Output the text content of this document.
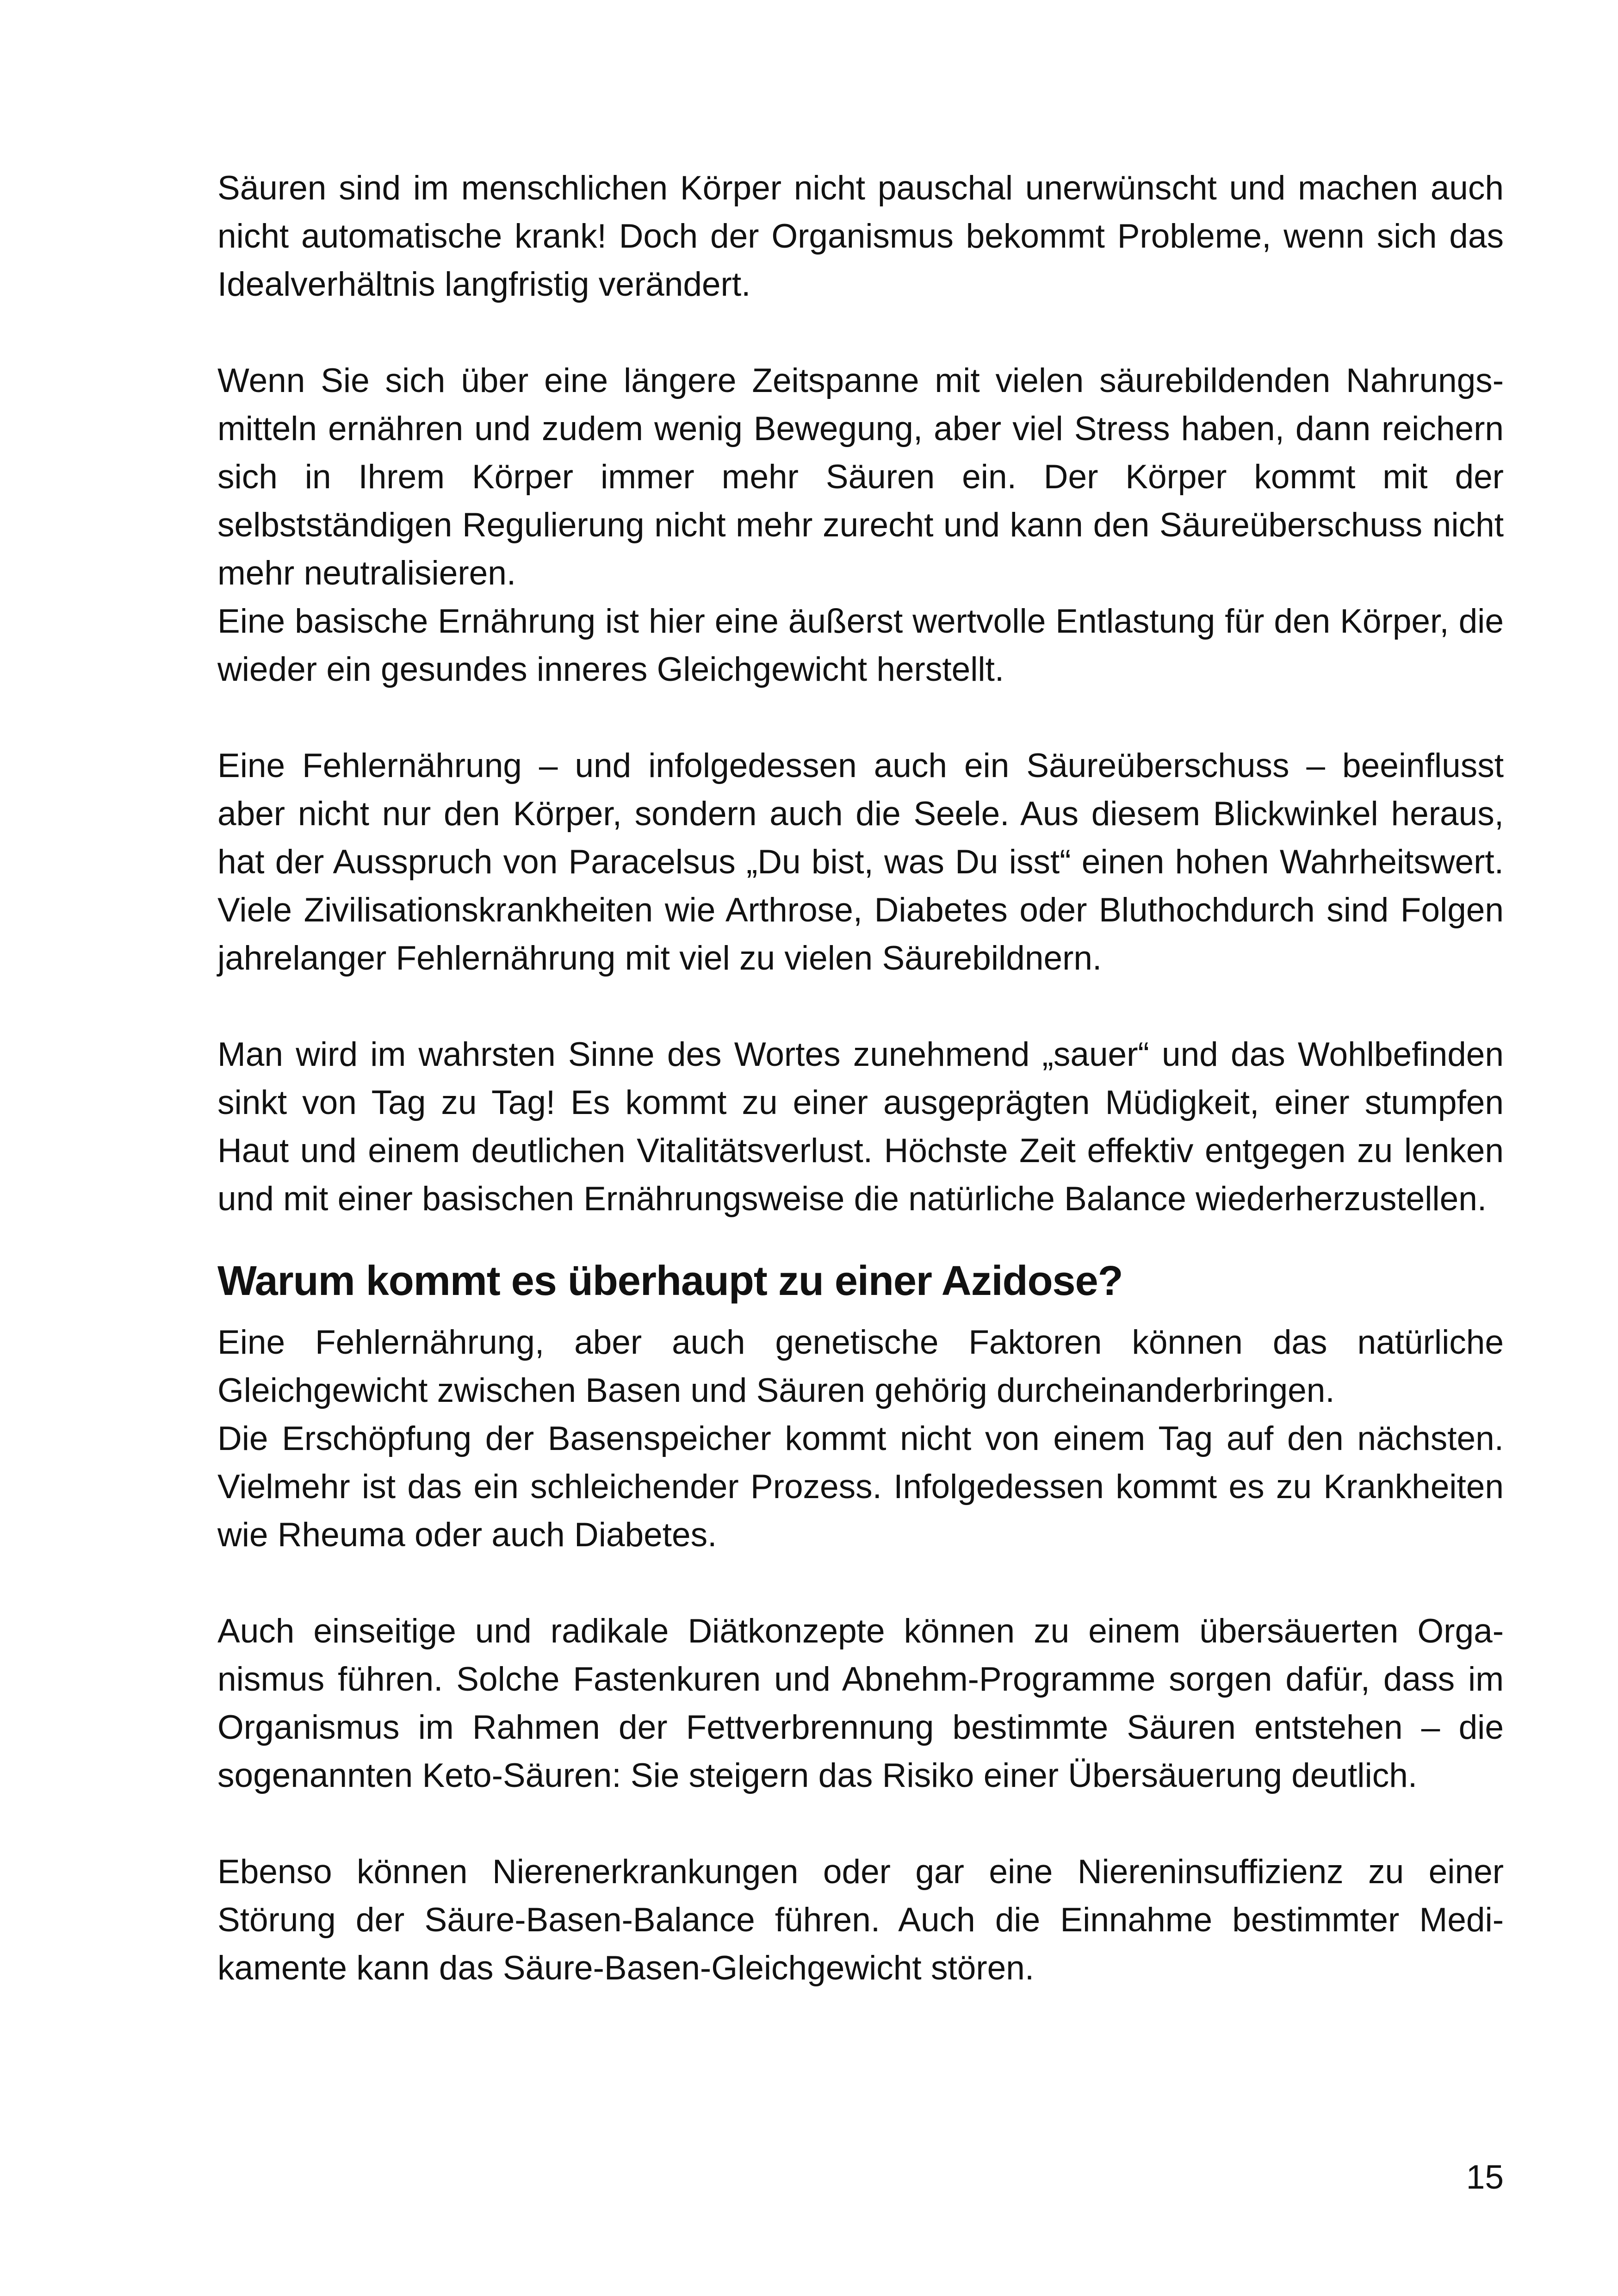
Säuren sind im menschlichen Körper nicht pauschal unerwünscht und machen auch nicht automatische krank! Doch der Organismus bekommt Probleme, wenn sich das Idealverhältnis langfristig verändert.

Wenn Sie sich über eine längere Zeitspanne mit vielen säurebildenden Nahrungsmitteln ernähren und zudem wenig Bewegung, aber viel Stress haben, dann reichern sich in Ihrem Körper immer mehr Säuren ein. Der Körper kommt mit der selbstständigen Regulierung nicht mehr zurecht und kann den Säureüberschuss nicht mehr neutralisieren.

Eine basische Ernährung ist hier eine äußerst wertvolle Entlastung für den Körper, die wieder ein gesundes inneres Gleichgewicht herstellt.

Eine Fehlernährung – und infolgedessen auch ein Säureüberschuss – beeinflusst aber nicht nur den Körper, sondern auch die Seele. Aus diesem Blickwinkel heraus, hat der Ausspruch von Paracelsus „Du bist, was Du isst“ einen hohen Wahrheitswert. Viele Zivilisationskrankheiten wie Arthrose, Diabetes oder Bluthochdurch sind Folgen jahrelanger Fehlernährung mit viel zu vielen Säurebildnern.

Man wird im wahrsten Sinne des Wortes zunehmend „sauer“ und das Wohlbefinden sinkt von Tag zu Tag! Es kommt zu einer ausgeprägten Müdigkeit, einer stumpfen Haut und einem deutlichen Vitalitätsverlust. Höchste Zeit effektiv entgegen zu lenken und mit einer basischen Ernährungsweise die natürliche Balance wiederherzustellen.

Warum kommt es überhaupt zu einer Azidose?

Eine Fehlernährung, aber auch genetische Faktoren können das natürliche Gleichgewicht zwischen Basen und Säuren gehörig durcheinanderbringen.

Die Erschöpfung der Basenspeicher kommt nicht von einem Tag auf den nächsten. Vielmehr ist das ein schleichender Prozess. Infolgedessen kommt es zu Krankheiten wie Rheuma oder auch Diabetes.

Auch einseitige und radikale Diätkonzepte können zu einem übersäuerten Organismus führen. Solche Fastenkuren und Abnehm-Programme sorgen dafür, dass im Organismus im Rahmen der Fettverbrennung bestimmte Säuren entstehen – die sogenannten Keto-Säuren: Sie steigern das Risiko einer Übersäuerung deutlich.

Ebenso können Nierenerkrankungen oder gar eine Niereninsuffizienz zu einer Störung der Säure-Basen-Balance führen. Auch die Einnahme bestimmter Medikamente kann das Säure-Basen-Gleichgewicht stören.

15
